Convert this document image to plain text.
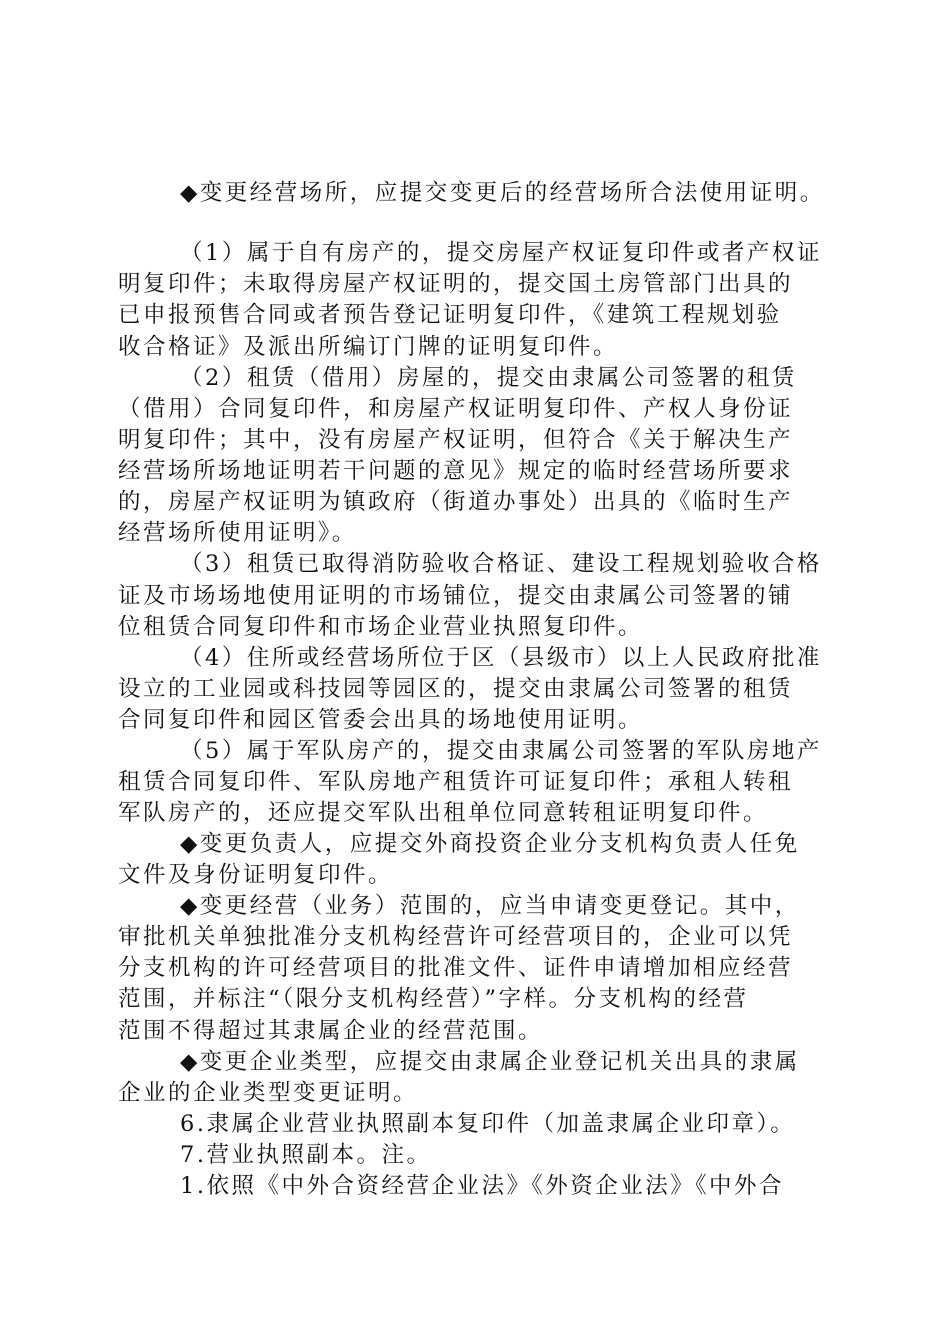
◆变更经营场所，应提交变更后的经营场所合法使用证明。
（1）属于自有房产的，提交房屋产权证复印件或者产权证
明复印件；未取得房屋产权证明的，提交国土房管部门出具的
已申报预售合同或者预告登记证明复印件，《建筑工程规划验
收合格证》及派出所编订门牌的证明复印件。
（2）租赁（借用）房屋的，提交由隶属公司签署的租赁
（借用）合同复印件，和房屋产权证明复印件、产权人身份证
明复印件；其中，没有房屋产权证明，但符合《关于解决生产
经营场所场地证明若干问题的意见》规定的临时经营场所要求
的，房屋产权证明为镇政府（街道办事处）出具的《临时生产
经营场所使用证明》。
（3）租赁已取得消防验收合格证、建设工程规划验收合格
证及市场场地使用证明的市场铺位，提交由隶属公司签署的铺
位租赁合同复印件和市场企业营业执照复印件。
（4）住所或经营场所位于区（县级市）以上人民政府批准
设立的工业园或科技园等园区的，提交由隶属公司签署的租赁
合同复印件和园区管委会出具的场地使用证明。
（5）属于军队房产的，提交由隶属公司签署的军队房地产
租赁合同复印件、军队房地产租赁许可证复印件；承租人转租
军队房产的，还应提交军队出租单位同意转租证明复印件。
◆变更负责人，应提交外商投资企业分支机构负责人任免
文件及身份证明复印件。
◆变更经营（业务）范围的，应当申请变更登记。其中，
审批机关单独批准分支机构经营许可经营项目的，企业可以凭
分支机构的许可经营项目的批准文件、证件申请增加相应经营
范围，并标注“（限分支机构经营）”字样。分支机构的经营
范围不得超过其隶属企业的经营范围。
◆变更企业类型，应提交由隶属企业登记机关出具的隶属
企业的企业类型变更证明。
6.隶属企业营业执照副本复印件（加盖隶属企业印章）。
7.营业执照副本。注。
1.依照《中外合资经营企业法》《外资企业法》《中外合
